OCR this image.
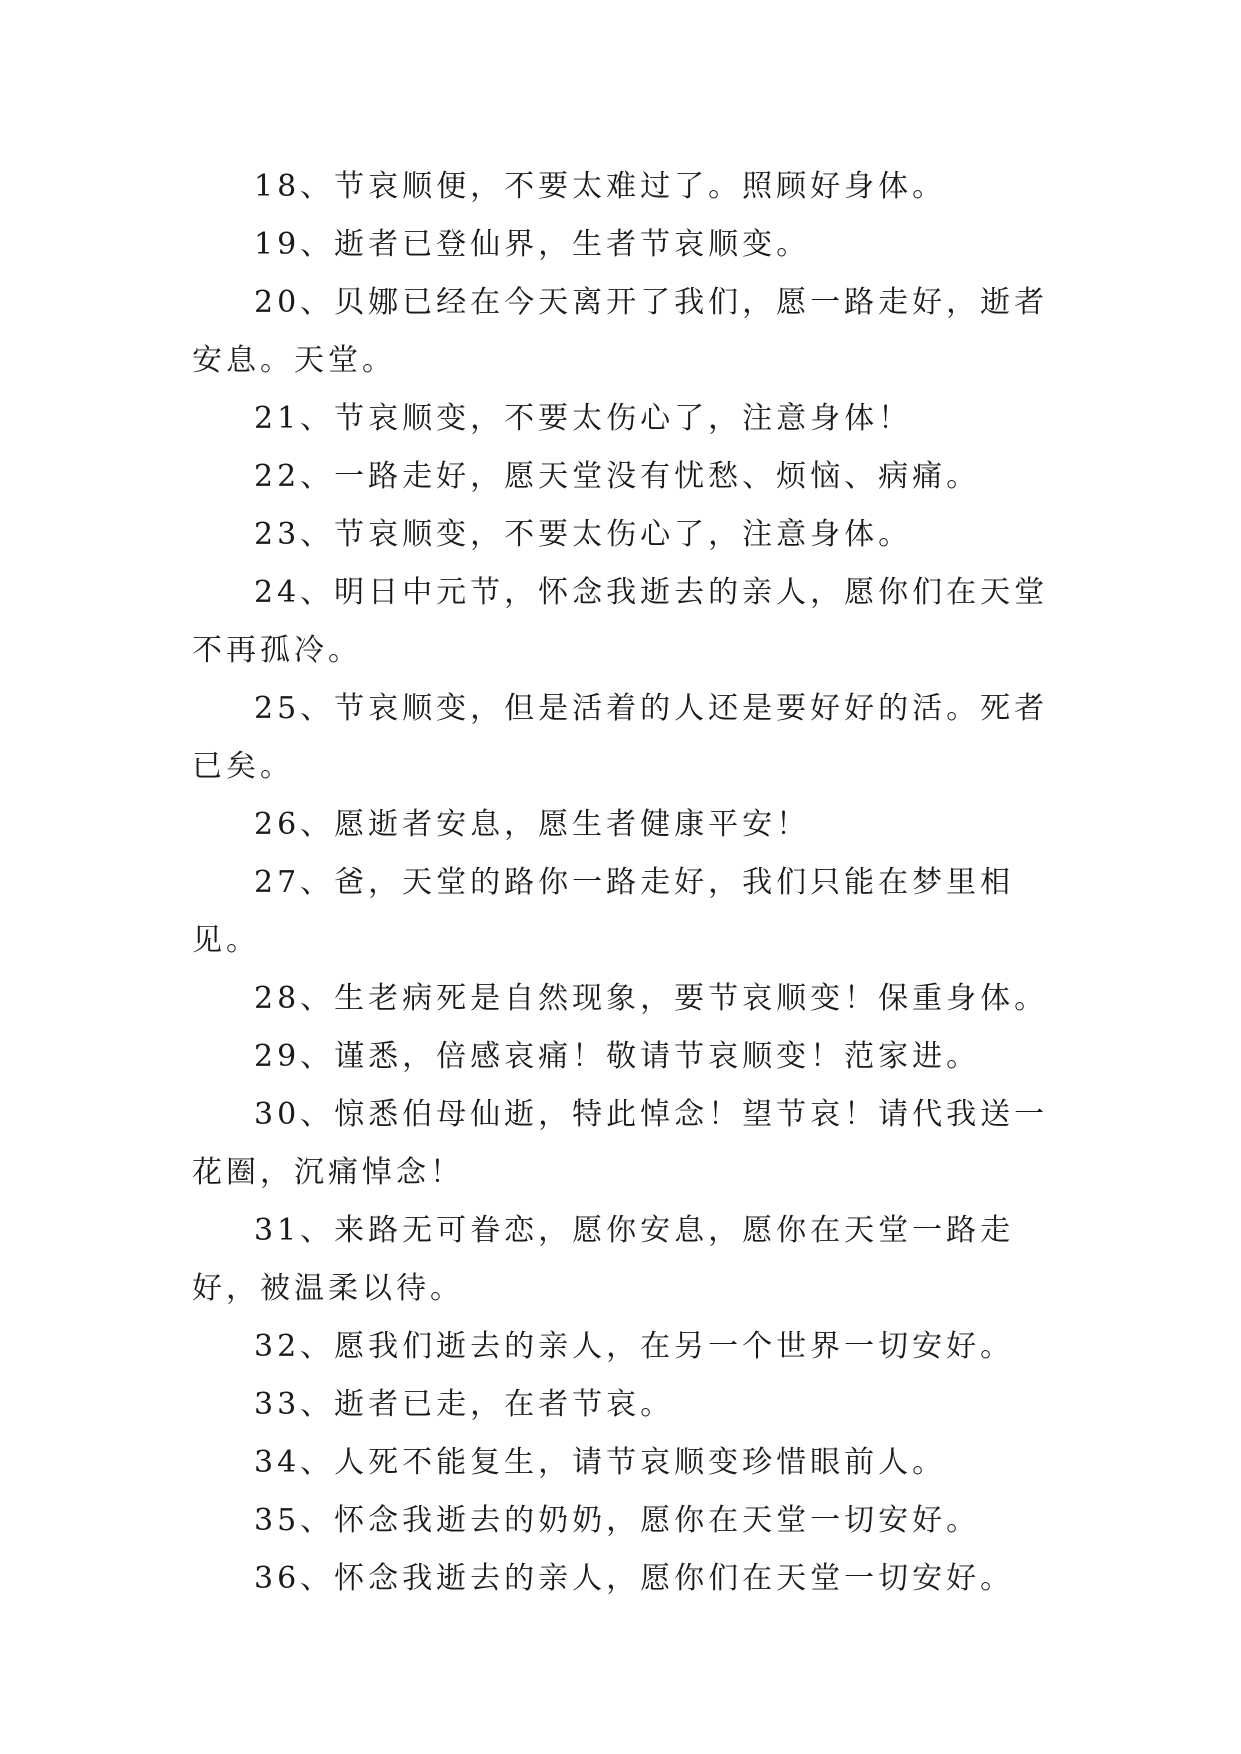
18、节哀顺便，不要太难过了。照顾好身体。

19、逝者已登仙界，生者节哀顺变。

20、贝娜已经在今天离开了我们，愿一路走好，逝者安息。天堂。

21、节哀顺变，不要太伤心了，注意身体！

22、一路走好，愿天堂没有忧愁、烦恼、病痛。

23、节哀顺变，不要太伤心了，注意身体。

24、明日中元节，怀念我逝去的亲人，愿你们在天堂不再孤冷。

25、节哀顺变，但是活着的人还是要好好的活。死者已矣。

26、愿逝者安息，愿生者健康平安！

27、爸，天堂的路你一路走好，我们只能在梦里相见。

28、生老病死是自然现象，要节哀顺变！保重身体。

29、谨悉，倍感哀痛！敬请节哀顺变！范家进。

30、惊悉伯母仙逝，特此悼念！望节哀！请代我送一花圈，沉痛悼念！

31、来路无可眷恋，愿你安息，愿你在天堂一路走好，被温柔以待。

32、愿我们逝去的亲人，在另一个世界一切安好。

33、逝者已走，在者节哀。

34、人死不能复生，请节哀顺变珍惜眼前人。

35、怀念我逝去的奶奶，愿你在天堂一切安好。

36、怀念我逝去的亲人，愿你们在天堂一切安好。
